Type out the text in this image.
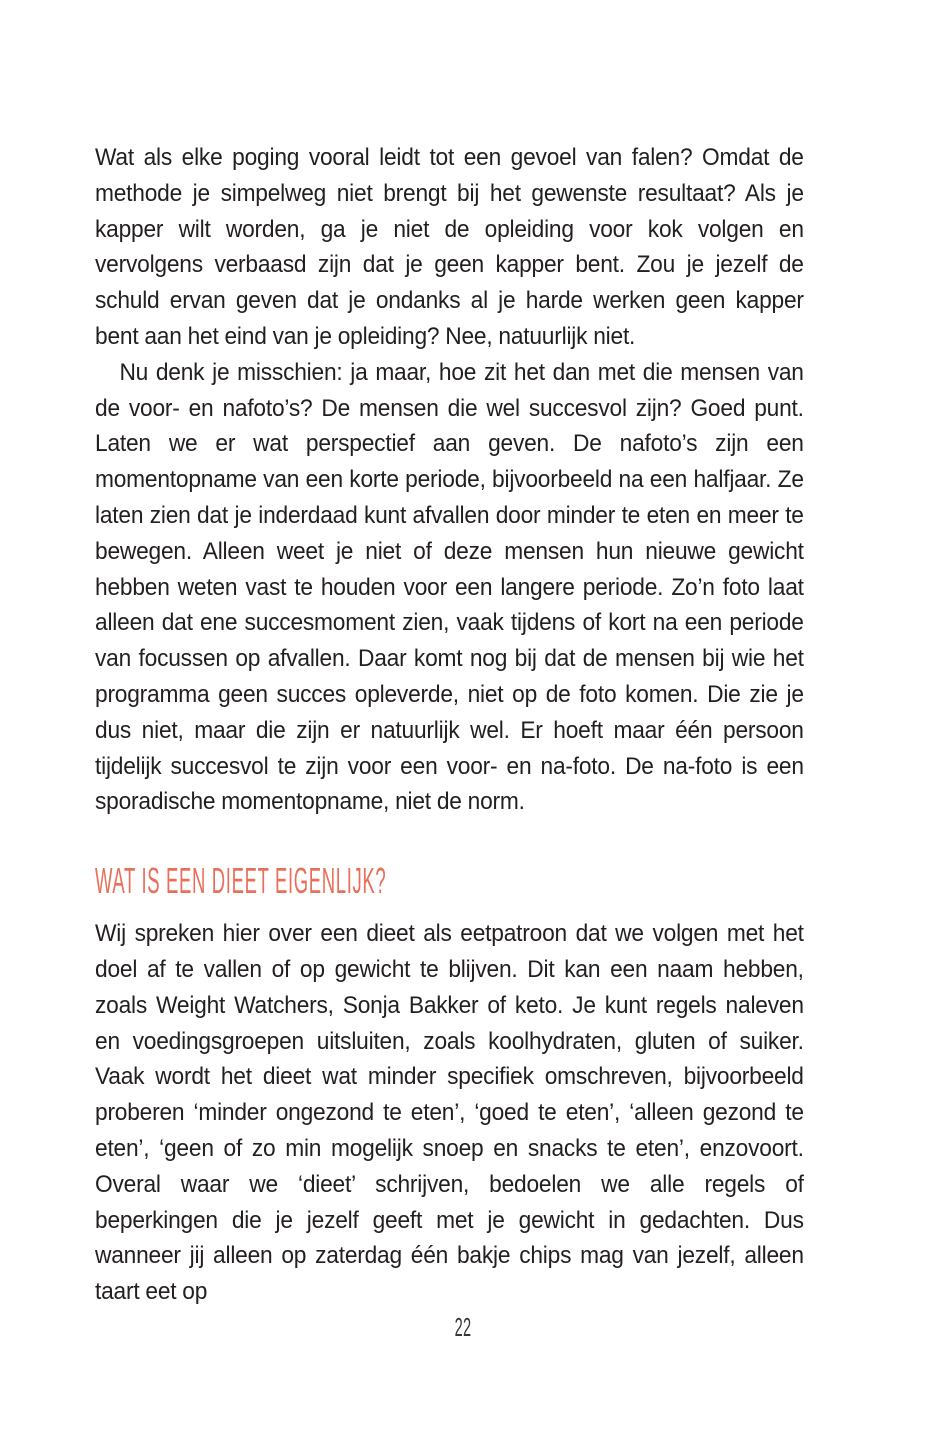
Wat als elke poging vooral leidt tot een gevoel van falen? Omdat de methode je simpelweg niet brengt bij het gewenste resultaat? Als je kapper wilt worden, ga je niet de opleiding voor kok volgen en vervolgens verbaasd zijn dat je geen kapper bent. Zou je jezelf de schuld ervan geven dat je ondanks al je harde werken geen kapper bent aan het eind van je opleiding? Nee, natuurlijk niet.

Nu denk je misschien: ja maar, hoe zit het dan met die mensen van de voor- en nafoto’s? De mensen die wel succesvol zijn? Goed punt. Laten we er wat perspectief aan geven. De nafoto’s zijn een momentopname van een korte periode, bijvoorbeeld na een halfjaar. Ze laten zien dat je inderdaad kunt afvallen door minder te eten en meer te bewegen. Alleen weet je niet of deze mensen hun nieuwe gewicht hebben weten vast te houden voor een langere periode. Zo’n foto laat alleen dat ene succesmoment zien, vaak tijdens of kort na een periode van focussen op afvallen. Daar komt nog bij dat de mensen bij wie het programma geen succes opleverde, niet op de foto komen. Die zie je dus niet, maar die zijn er natuurlijk wel. Er hoeft maar één persoon tijdelijk succesvol te zijn voor een voor- en na-foto. De na-foto is een sporadische momentopname, niet de norm.

WAT IS EEN DIEET EIGENLIJK?

Wij spreken hier over een dieet als eetpatroon dat we volgen met het doel af te vallen of op gewicht te blijven. Dit kan een naam hebben, zoals Weight Watchers, Sonja Bakker of keto. Je kunt regels naleven en voedingsgroepen uitsluiten, zoals koolhydraten, gluten of suiker. Vaak wordt het dieet wat minder specifiek omschreven, bijvoorbeeld proberen ‘minder ongezond te eten’, ‘goed te eten’, ‘alleen gezond te eten’, ‘geen of zo min mogelijk snoep en snacks te eten’, enzovoort. Overal waar we ‘dieet’ schrijven, bedoelen we alle regels of beperkingen die je jezelf geeft met je gewicht in gedachten. Dus wanneer jij alleen op zaterdag één bakje chips mag van jezelf, alleen taart eet op

22
